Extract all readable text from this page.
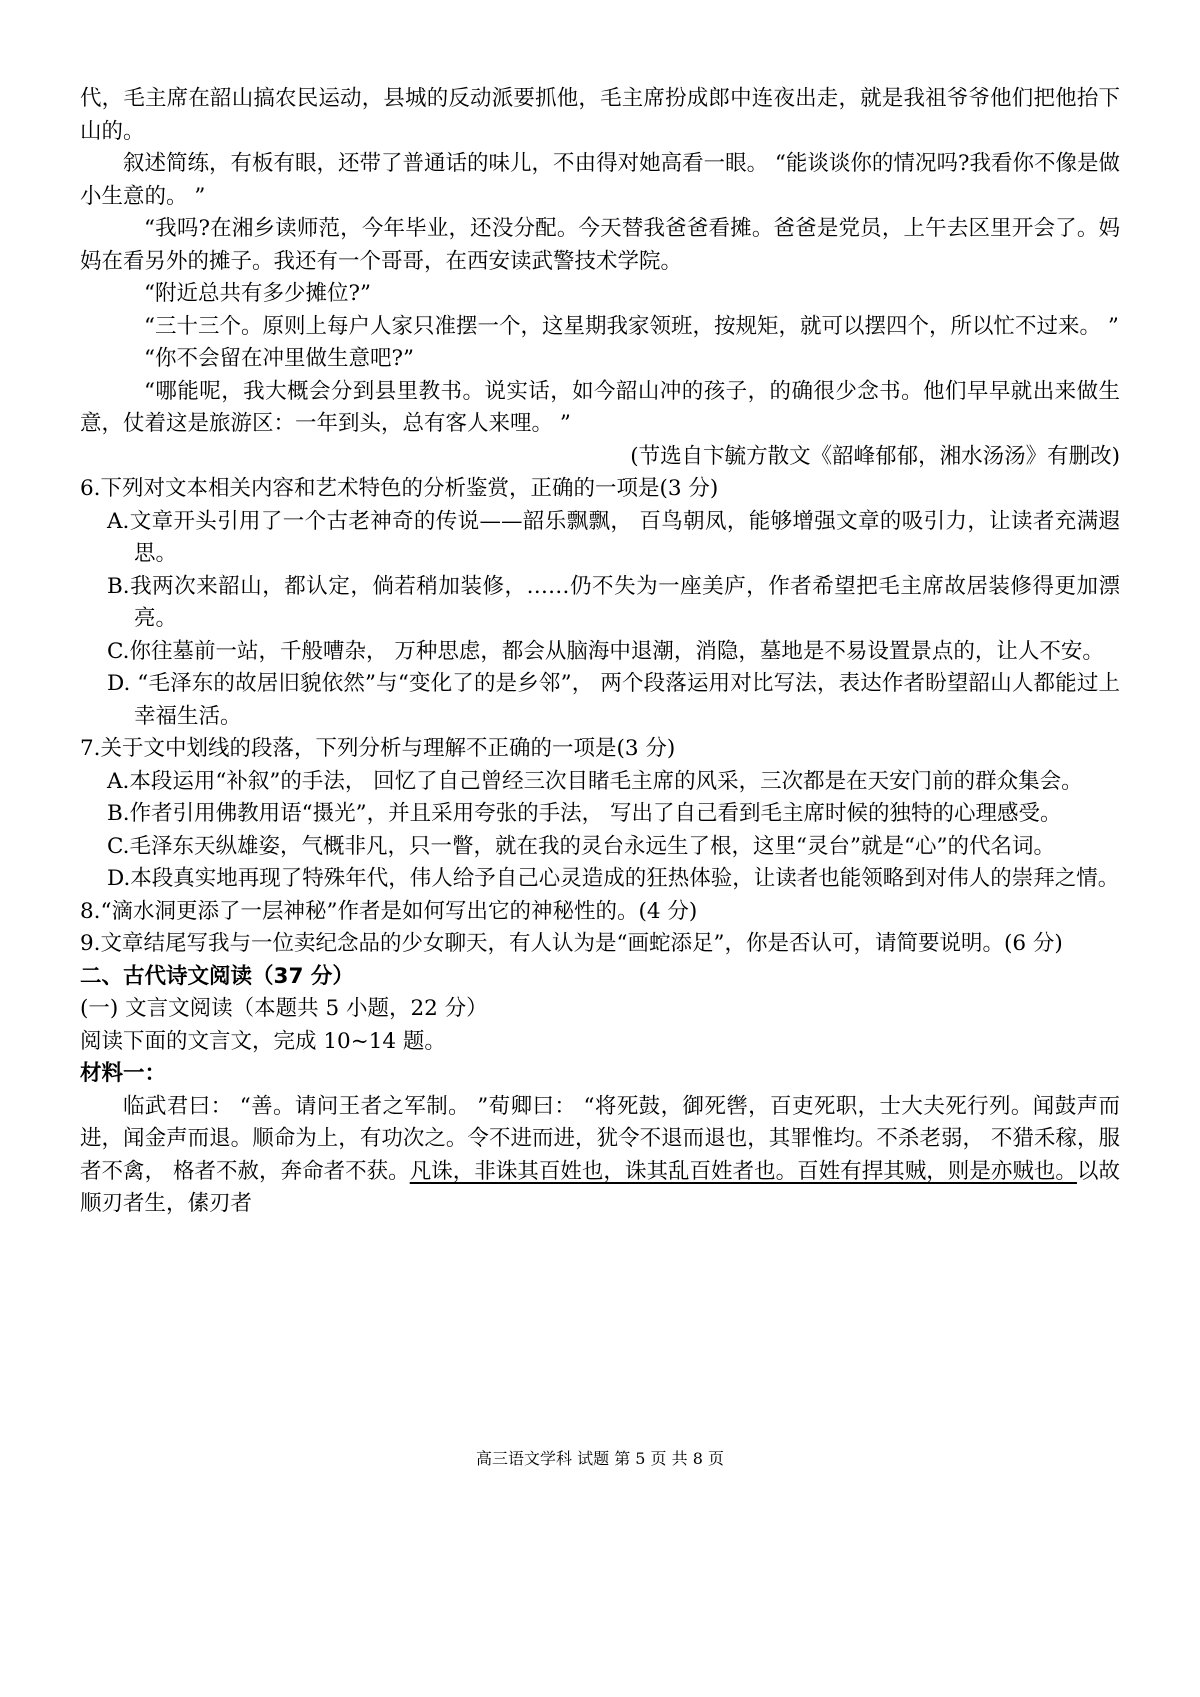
代，毛主席在韶山搞农民运动，县城的反动派要抓他，毛主席扮成郎中连夜出走，就是我祖爷爷他们把他抬下山的。
叙述简练，有板有眼，还带了普通话的味儿，不由得对她高看一眼。 “能谈谈你的情况吗?我看你不像是做小生意的。 ”
“我吗?在湘乡读师范，今年毕业，还没分配。今天替我爸爸看摊。爸爸是党员，上午去区里开会了。妈妈在看另外的摊子。我还有一个哥哥，在西安读武警技术学院。
“附近总共有多少摊位?”
“三十三个。原则上每户人家只准摆一个，这星期我家领班，按规矩，就可以摆四个，所以忙不过来。 ”
“你不会留在冲里做生意吧?”
“哪能呢，我大概会分到县里教书。说实话，如今韶山冲的孩子，的确很少念书。他们早早就出来做生意，仗着这是旅游区：一年到头，总有客人来哩。 ”
(节选自卞毓方散文《韶峰郁郁，湘水汤汤》有删改)
6.下列对文本相关内容和艺术特色的分析鉴赏，正确的一项是(3 分)
A.文章开头引用了一个古老神奇的传说——韶乐飘飘， 百鸟朝凤，能够增强文章的吸引力，让读者充满遐思。
B.我两次来韶山，都认定，倘若稍加装修，……仍不失为一座美庐，作者希望把毛主席故居装修得更加漂亮。
C.你往墓前一站，千般嘈杂， 万种思虑，都会从脑海中退潮，消隐，墓地是不易设置景点的，让人不安。
D. “毛泽东的故居旧貌依然”与“变化了的是乡邻”， 两个段落运用对比写法，表达作者盼望韶山人都能过上幸福生活。
7.关于文中划线的段落，下列分析与理解不正确的一项是(3 分)
A.本段运用“补叙”的手法， 回忆了自己曾经三次目睹毛主席的风采，三次都是在天安门前的群众集会。
B.作者引用佛教用语“摄光”，并且采用夸张的手法， 写出了自己看到毛主席时候的独特的心理感受。
C.毛泽东天纵雄姿，气概非凡，只一瞥，就在我的灵台永远生了根，这里“灵台”就是“心”的代名词。
D.本段真实地再现了特殊年代，伟人给予自己心灵造成的狂热体验，让读者也能领略到对伟人的崇拜之情。
8.“滴水洞更添了一层神秘”作者是如何写出它的神秘性的。(4 分)
9.文章结尾写我与一位卖纪念品的少女聊天，有人认为是“画蛇添足”，你是否认可，请简要说明。(6 分)
二、古代诗文阅读（37 分）
(一) 文言文阅读（本题共 5 小题，22 分）
阅读下面的文言文，完成 10~14 题。
材料一：
临武君曰： “善。请问王者之军制。 ”荀卿曰： “将死鼓，御死辔，百吏死职，士大夫死行列。闻鼓声而进，闻金声而退。顺命为上，有功次之。令不进而进，犹令不退而退也，其罪惟均。不杀老弱， 不猎禾稼，服者不禽， 格者不赦，奔命者不获。凡诛，非诛其百姓也，诛其乱百姓者也。百姓有捍其贼，则是亦贼也。以故顺刃者生，傃刃者
高三语文学科 试题 第 5 页 共 8 页
